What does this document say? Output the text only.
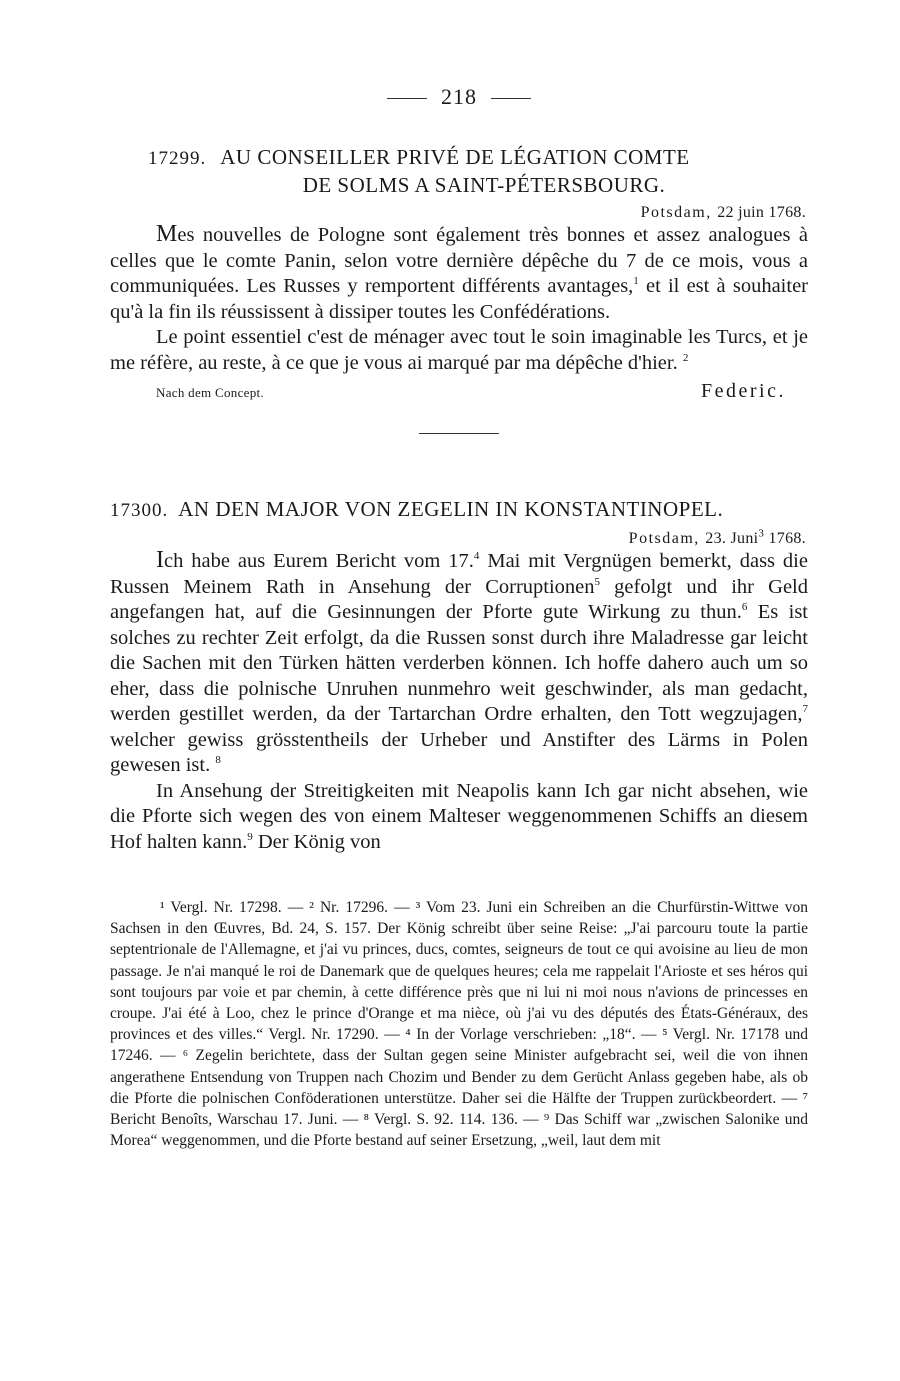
218
17299. AU CONSEILLER PRIVÉ DE LÉGATION COMTE
DE SOLMS A SAINT-PÉTERSBOURG.
Potsdam, 22 juin 1768.

Mes nouvelles de Pologne sont également très bonnes et assez analogues à celles que le comte Panin, selon votre dernière dépêche du 7 de ce mois, vous a communiquées. Les Russes y remportent différents avantages,$^1$ et il est à souhaiter qu'à la fin ils réussissent à dissiper toutes les Confédérations.

Le point essentiel c'est de ménager avec tout le soin imaginable les Turcs, et je me réfère, au reste, à ce que je vous ai marqué par ma dépêche d'hier. $^2$

Nach dem Concept.	Federic.
17300. AN DEN MAJOR VON ZEGELIN IN KONSTANTINOPEL.
Potsdam, 23. Juni$^3$ 1768.

Ich habe aus Eurem Bericht vom 17.$^4$ Mai mit Vergnügen bemerkt, dass die Russen Meinem Rath in Ansehung der Corruptionen$^5$ gefolgt und ihr Geld angefangen hat, auf die Gesinnungen der Pforte gute Wirkung zu thun.$^6$ Es ist solches zu rechter Zeit erfolgt, da die Russen sonst durch ihre Maladresse gar leicht die Sachen mit den Türken hätten verderben können. Ich hoffe dahero auch um so eher, dass die polnische Unruhen nunmehro weit geschwinder, als man gedacht, werden gestillet werden, da der Tartarchan Ordre erhalten, den Tott wegzujagen,$^7$ welcher gewiss grösstentheils der Urheber und Anstifter des Lärms in Polen gewesen ist. $^8$

In Ansehung der Streitigkeiten mit Neapolis kann Ich gar nicht absehen, wie die Pforte sich wegen des von einem Malteser weggenommenen Schiffs an diesem Hof halten kann.$^9$ Der König von

¹ Vergl. Nr. 17298. — ² Nr. 17296. — ³ Vom 23. Juni ein Schreiben an die Churfürstin-Wittwe von Sachsen in den Œuvres, Bd. 24, S. 157. Der König schreibt über seine Reise: „J'ai parcouru toute la partie septentrionale de l'Allemagne, et j'ai vu princes, ducs, comtes, seigneurs de tout ce qui avoisine au lieu de mon passage. Je n'ai manqué le roi de Danemark que de quelques heures; cela me rappelait l'Arioste et ses héros qui sont toujours par voie et par chemin, à cette différence près que ni lui ni moi nous n'avions de princesses en croupe. J'ai été à Loo, chez le prince d'Orange et ma nièce, où j'ai vu des députés des États-Généraux, des provinces et des villes.“ Vergl. Nr. 17290. — ⁴ In der Vorlage verschrieben: „18“. — ⁵ Vergl. Nr. 17178 und 17246. — ⁶ Zegelin berichtete, dass der Sultan gegen seine Minister aufgebracht sei, weil die von ihnen angerathene Entsendung von Truppen nach Chozim und Bender zu dem Gerücht Anlass gegeben habe, als ob die Pforte die polnischen Conföderationen unterstütze. Daher sei die Hälfte der Truppen zurückbeordert. — ⁷ Bericht Benoîts, Warschau 17. Juni. — ⁸ Vergl. S. 92. 114. 136. — ⁹ Das Schiff war „zwischen Salonike und Morea“ weggenommen, und die Pforte bestand auf seiner Ersetzung, „weil, laut dem mit
